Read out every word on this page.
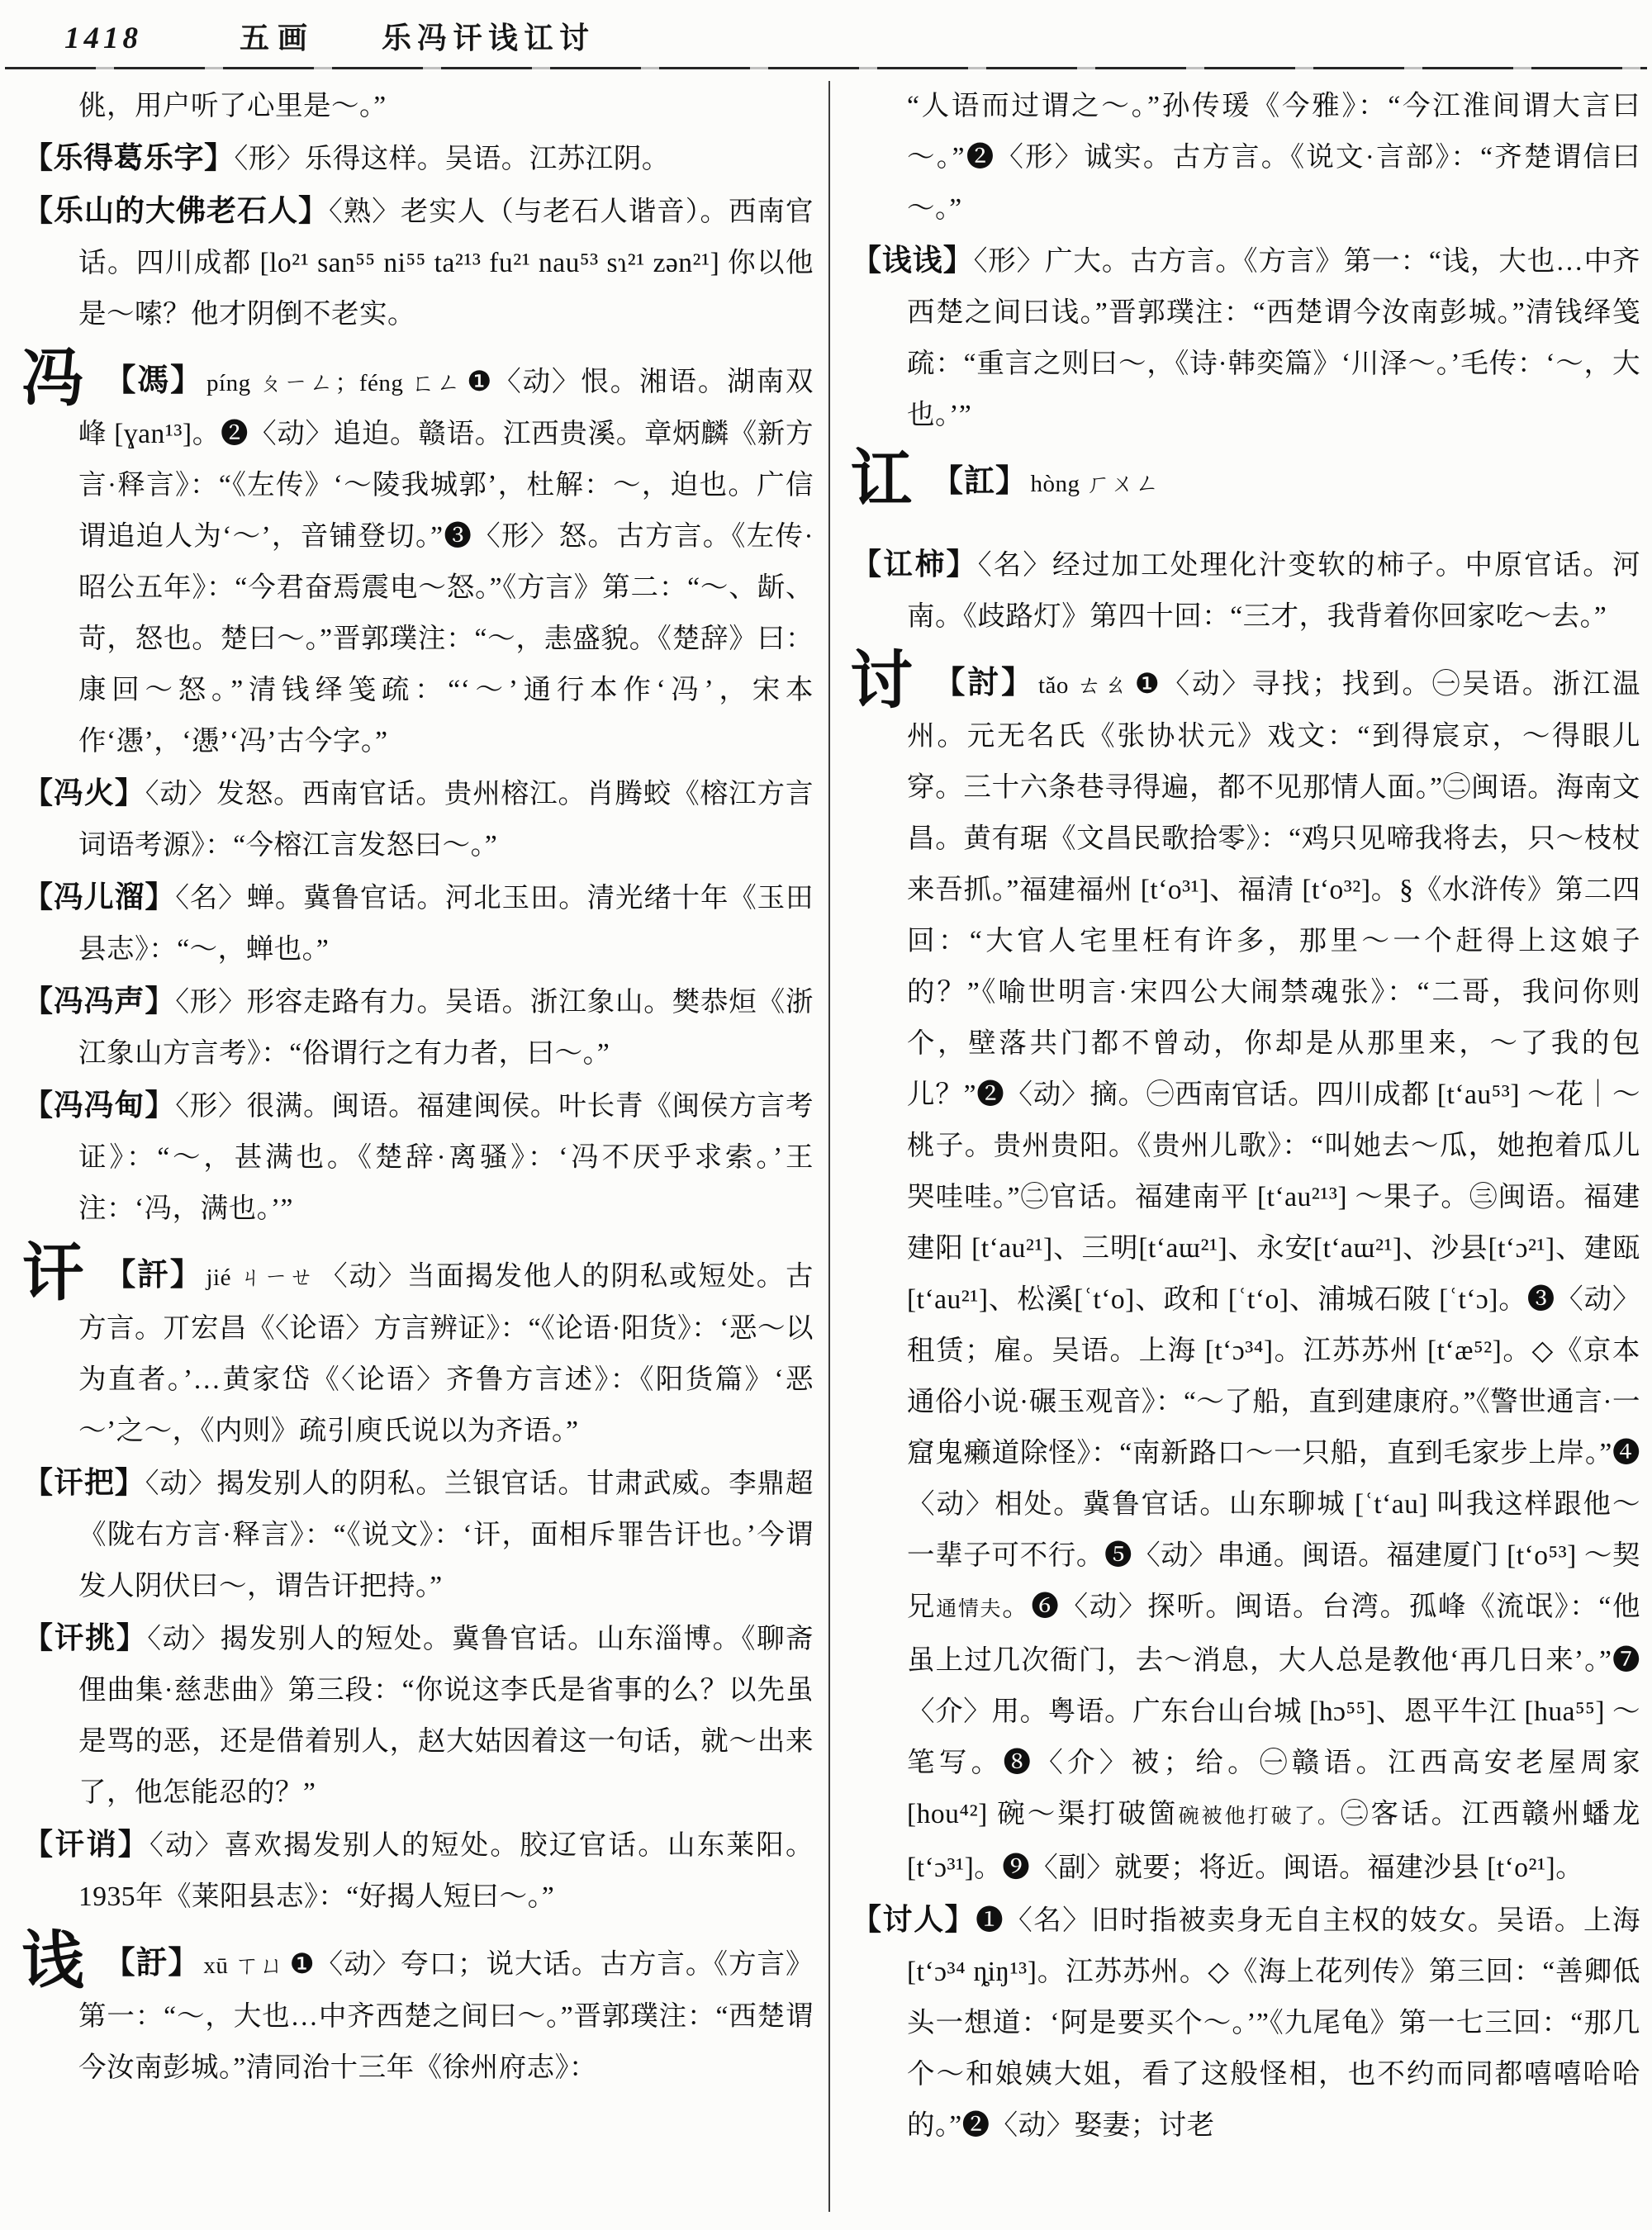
1418	五画 乐冯讦𬣡讧讨
佻，用户听了心里是～。”
【乐得葛乐字】〈形〉乐得这样。吴语。江苏江阴。
【乐山的大佛老石人】〈熟〉老实人（与老石人谐音）。西南官话。四川成都 [lo²¹ san⁵⁵ ni⁵⁵ ta²¹³ fu²¹ nau⁵³ sɿ²¹ zən²¹] 你以他是～嗦？他才阴倒不老实。
冯 【馮】 píng ㄆㄧㄥ；féng ㄈㄥ ❶〈动〉恨。湘语。湖南双峰 [ɣan¹³]。❷〈动〉追迫。赣语。江西贵溪。章炳麟《新方言·释言》：“《左传》‘～陵我城郭’，杜解：～，迫也。广信谓追迫人为‘～’，音铺登切。”❸〈形〉怒。古方言。《左传·昭公五年》：“今君奋焉震电～怒。”《方言》第二：“～、龂、苛，怒也。楚曰～。”晋郭璞注：“～，恚盛貌。《楚辞》曰：康回～怒。”清钱绎笺疏：“‘～’通行本作‘冯’，宋本作‘慿’，‘慿’‘冯’古今字。”
【冯火】〈动〉发怒。西南官话。贵州榕江。肖腾蛟《榕江方言词语考源》：“今榕江言发怒曰～。”
【冯儿溜】〈名〉蝉。冀鲁官话。河北玉田。清光绪十年《玉田县志》：“～，蝉也。”
【冯冯声】〈形〉形容走路有力。吴语。浙江象山。樊恭烜《浙江象山方言考》：“俗谓行之有力者，曰～。”
【冯冯甸】〈形〉很满。闽语。福建闽侯。叶长青《闽侯方言考证》：“～，甚满也。《楚辞·离骚》：‘冯不厌乎求索。’王注：‘冯，满也。’”
讦 【訐】 jié ㄐㄧㄝ 〈动〉当面揭发他人的阴私或短处。古方言。丌宏昌《〈论语〉方言辨证》：“《论语·阳货》：‘恶～以为直者。’…黄家岱《〈论语〉齐鲁方言述》：《阳货篇》‘恶～’之～，《内则》疏引庾氏说以为齐语。”
【讦把】〈动〉揭发别人的阴私。兰银官话。甘肃武威。李鼎超《陇右方言·释言》：“《说文》：‘讦，面相斥罪告讦也。’今谓发人阴伏曰～，谓告讦把持。”
【讦挑】〈动〉揭发别人的短处。冀鲁官话。山东淄博。《聊斋俚曲集·慈悲曲》第三段：“你说这李氏是省事的么？以先虽是骂的恶，还是借着别人，赵大姑因着这一句话，就～出来了，他怎能忍的？”
【讦诮】〈动〉喜欢揭发别人的短处。胶辽官话。山东莱阳。1935年《莱阳县志》：“好揭人短曰～。”
𬣡 【訏】 xū ㄒㄩ ❶〈动〉夸口；说大话。古方言。《方言》第一：“～，大也…中齐西楚之间曰～。”晋郭璞注：“西楚谓今汝南彭城。”清同治十三年《徐州府志》：
“人语而过谓之～。”孙传瑗《今雅》：“今江淮间谓大言曰～。”❷〈形〉诚实。古方言。《说文·言部》：“齐楚谓信曰～。”
【𬣡𬣡】〈形〉广大。古方言。《方言》第一：“𬣡，大也…中齐西楚之间曰𬣡。”晋郭璞注：“西楚谓今汝南彭城。”清钱绎笺疏：“重言之则曰～，《诗·韩奕篇》‘川泽～。’毛传：‘～，大也。’”
讧 【訌】 hòng ㄏㄨㄥ
【讧柿】〈名〉经过加工处理化汁变软的柿子。中原官话。河南。《歧路灯》第四十回：“三才，我背着你回家吃～去。”
讨 【討】 tǎo ㄊㄠ ❶〈动〉寻找；找到。㊀吴语。浙江温州。元无名氏《张协状元》戏文：“到得宸京，～得眼儿穿。三十六条巷寻得遍，都不见那情人面。”㊁闽语。海南文昌。黄有琚《文昌民歌拾零》：“鸡只见啼我将去，只～枝杖来吾抓。”福建福州 [tʻo³¹]、福清 [tʻo³²]。§《水浒传》第二四回：“大官人宅里枉有许多，那里～一个赶得上这娘子的？”《喻世明言·宋四公大闹禁魂张》：“二哥，我问你则个，壁落共门都不曾动，你却是从那里来，～了我的包儿？”❷〈动〉摘。㊀西南官话。四川成都 [tʻau⁵³] ～花｜～桃子。贵州贵阳。《贵州儿歌》：“叫她去～瓜，她抱着瓜儿哭哇哇。”㊁官话。福建南平 [tʻau²¹³] ～果子。㊂闽语。福建建阳 [tʻau²¹]、三明[tʻaɯ²¹]、永安[tʻaɯ²¹]、沙县[tʻɔ²¹]、建瓯[tʻau²¹]、松溪[ʿtʻo]、政和 [ʿtʻo]、浦城石陂 [ʿtʻɔ]。❸〈动〉租赁；雇。吴语。上海 [tʻɔ³⁴]。江苏苏州 [tʻæ⁵²]。◇《京本通俗小说·碾玉观音》：“～了船，直到建康府。”《警世通言·一窟鬼癞道除怪》：“南新路口～一只船，直到毛家步上岸。”❹〈动〉相处。冀鲁官话。山东聊城 [ʿtʻau] 叫我这样跟他～一辈子可不行。❺〈动〉串通。闽语。福建厦门 [tʻo⁵³] ～契兄通情夫。❻〈动〉探听。闽语。台湾。孤峰《流氓》：“他虽上过几次衙门，去～消息，大人总是教他‘再几日来’。”❼〈介〉用。粤语。广东台山台城 [hɔ⁵⁵]、恩平牛江 [hua⁵⁵] ～笔写。❽〈介〉被；给。㊀赣语。江西高安老屋周家 [hou⁴²] 碗～渠打破箇碗被他打破了。㊁客话。江西赣州蟠龙 [tʻɔ³¹]。❾〈副〉就要；将近。闽语。福建沙县 [tʻo²¹]。
【讨人】❶〈名〉旧时指被卖身无自主权的妓女。吴语。上海 [tʻɔ³⁴ ȵiŋ¹³]。江苏苏州。◇《海上花列传》第三回：“善卿低头一想道：‘阿是要买个～。’”《九尾龟》第一七三回：“那几个～和娘姨大姐，看了这般怪相，也不约而同都嘻嘻哈哈的。”❷〈动〉娶妻；讨老
